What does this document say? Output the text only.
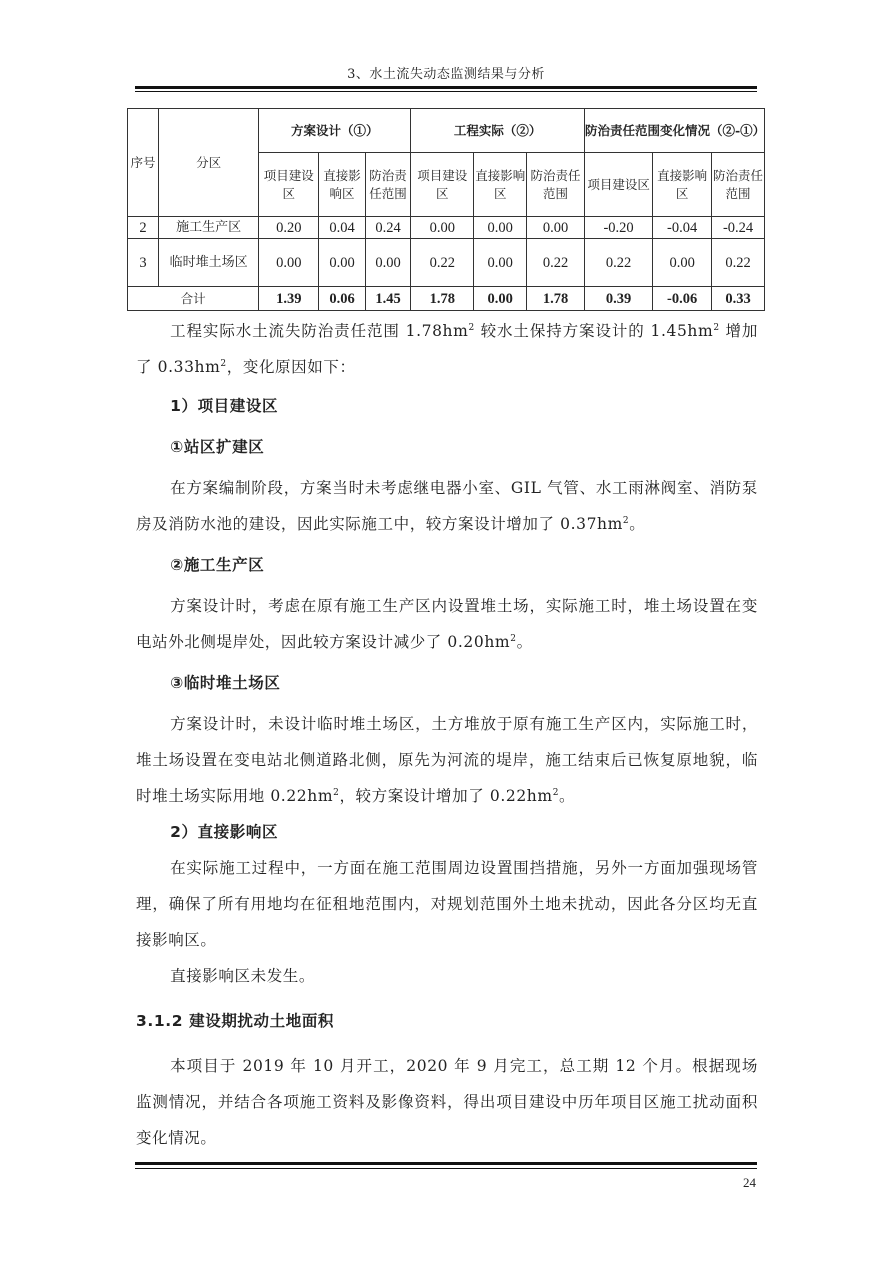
3、水土流失动态监测结果与分析
序号	分区	方案设计（①）			工程实际（②）			防治责任范围变化情况（②-①）		
		项目建设区	直接影响区	防治责任范围	项目建设区	直接影响区	防治责任范围	项目建设区	直接影响区	防治责任范围
2	施工生产区	0.20	0.04	0.24	0.00	0.00	0.00	-0.20	-0.04	-0.24
3	临时堆土场区	0.00	0.00	0.00	0.22	0.00	0.22	0.22	0.00	0.22
合计		1.39	0.06	1.45	1.78	0.00	1.78	0.39	-0.06	0.33

工程实际水土流失防治责任范围 $1.78hm^2$ 较水土保持方案设计的 $1.45hm^2$ 增加了 $0.33hm^2$，变化原因如下：

1）项目建设区

①站区扩建区

在方案编制阶段，方案当时未考虑继电器小室、GIL 气管、水工雨淋阀室、消防泵房及消防水池的建设，因此实际施工中，较方案设计增加了 $0.37hm^2$。

②施工生产区

方案设计时，考虑在原有施工生产区内设置堆土场，实际施工时，堆土场设置在变电站外北侧堤岸处，因此较方案设计减少了 $0.20hm^2$。

③临时堆土场区

方案设计时，未设计临时堆土场区，土方堆放于原有施工生产区内，实际施工时，堆土场设置在变电站北侧道路北侧，原先为河流的堤岸，施工结束后已恢复原地貌，临时堆土场实际用地 $0.22hm^2$，较方案设计增加了 $0.22hm^2$。

2）直接影响区

在实际施工过程中，一方面在施工范围周边设置围挡措施，另外一方面加强现场管理，确保了所有用地均在征租地范围内，对规划范围外土地未扰动，因此各分区均无直接影响区。

直接影响区未发生。

3.1.2 建设期扰动土地面积

本项目于 2019 年 10 月开工，2020 年 9 月完工，总工期 12 个月。根据现场监测情况，并结合各项施工资料及影像资料，得出项目建设中历年项目区施工扰动面积变化情况。

24
